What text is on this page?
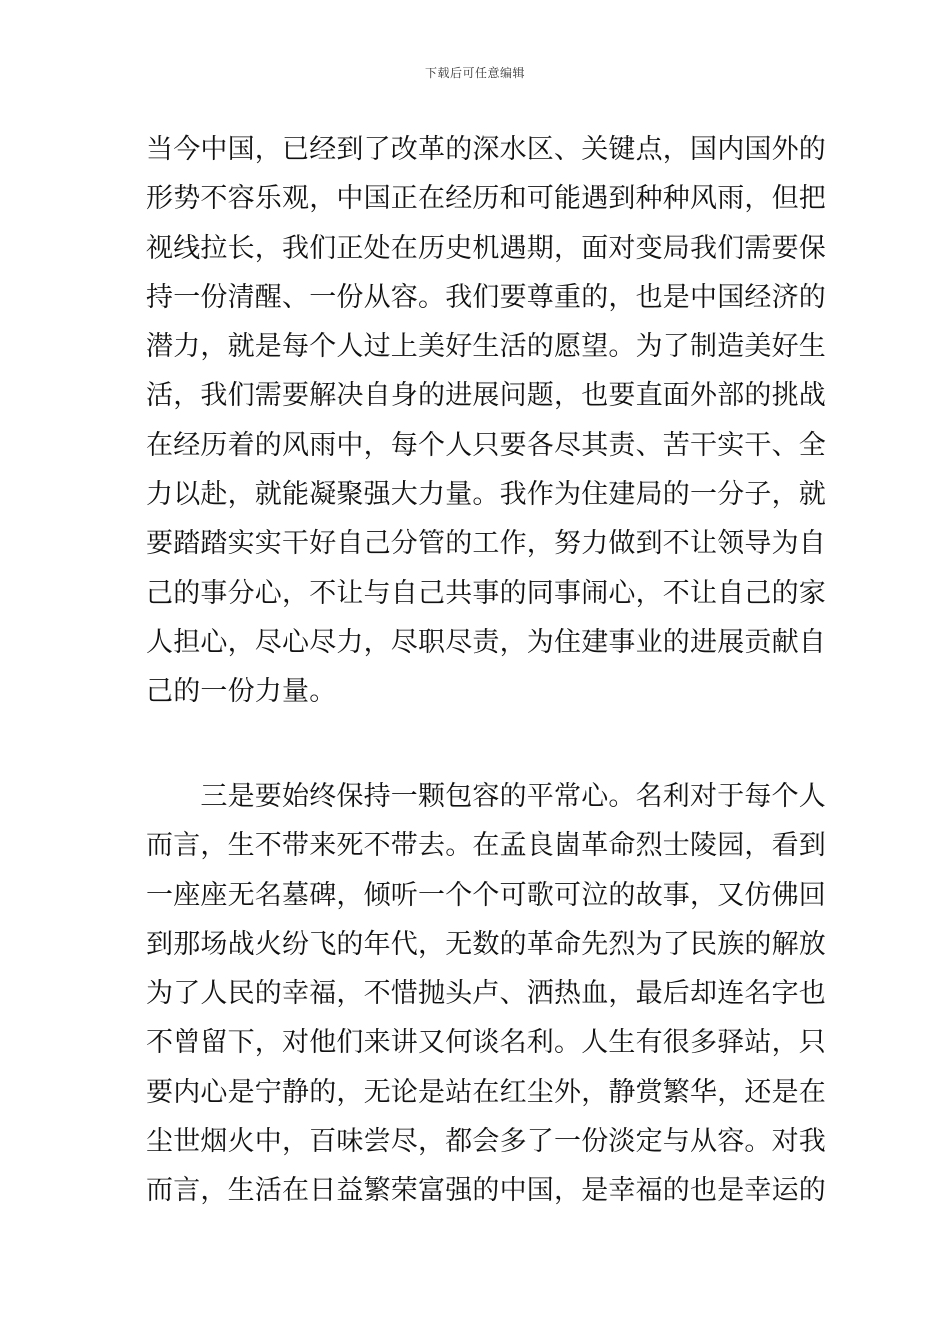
下载后可任意编辑
当今中国，已经到了改革的深水区、关键点，国内国外的
形势不容乐观，中国正在经历和可能遇到种种风雨，但把
视线拉长，我们正处在历史机遇期，面对变局我们需要保
持一份清醒、一份从容。我们要尊重的，也是中国经济的
潜力，就是每个人过上美好生活的愿望。为了制造美好生
活，我们需要解决自身的进展问题，也要直面外部的挑战
在经历着的风雨中，每个人只要各尽其责、苦干实干、全
力以赴，就能凝聚强大力量。我作为住建局的一分子，就
要踏踏实实干好自己分管的工作，努力做到不让领导为自
己的事分心，不让与自己共事的同事闹心，不让自己的家
人担心，尽心尽力，尽职尽责，为住建事业的进展贡献自
己的一份力量。
　　三是要始终保持一颗包容的平常心。名利对于每个人
而言，生不带来死不带去。在孟良崮革命烈士陵园，看到
一座座无名墓碑，倾听一个个可歌可泣的故事，又仿佛回
到那场战火纷飞的年代，无数的革命先烈为了民族的解放
为了人民的幸福，不惜抛头卢、洒热血，最后却连名字也
不曾留下，对他们来讲又何谈名利。人生有很多驿站，只
要内心是宁静的，无论是站在红尘外，静赏繁华，还是在
尘世烟火中，百味尝尽，都会多了一份淡定与从容。对我
而言，生活在日益繁荣富强的中国，是幸福的也是幸运的
